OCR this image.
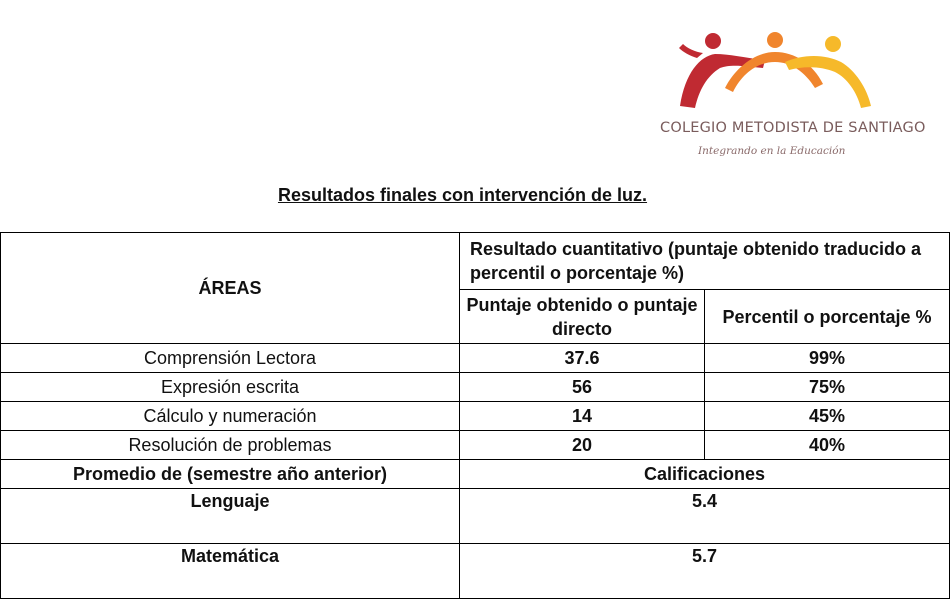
COLEGIO METODISTA DE SANTIAGO
Integrando en la Educación
Resultados finales con intervención de luz.
ÁREAS	Resultado cuantitativo (puntaje obtenido traducido a percentil o porcentaje %)	
	Puntaje obtenido o puntaje directo	Percentil o porcentaje %
Comprensión Lectora	37.6	99%
Expresión escrita	56	75%
Cálculo y numeración	14	45%
Resolución de problemas	20	40%
Promedio de (semestre año anterior)	Calificaciones	
Lenguaje	5.4	
Matemática	5.7	
